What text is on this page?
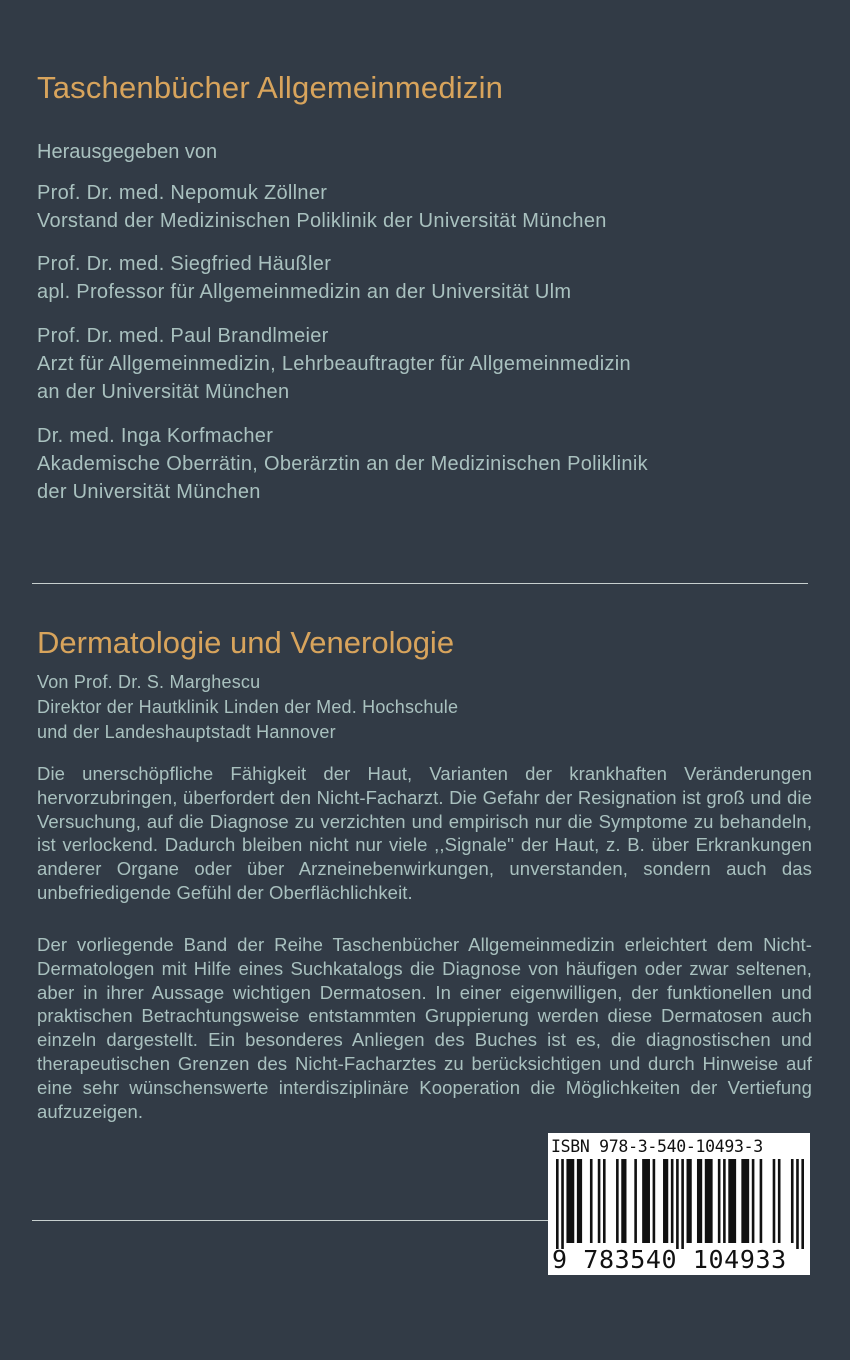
Taschenbücher Allgemeinmedizin
Herausgegeben von
Prof. Dr. med. Nepomuk Zöllner
Vorstand der Medizinischen Poliklinik der Universität München
Prof. Dr. med. Siegfried Häußler
apl. Professor für Allgemeinmedizin an der Universität Ulm
Prof. Dr. med. Paul Brandlmeier
Arzt für Allgemeinmedizin, Lehrbeauftragter für Allgemeinmedizin
an der Universität München
Dr. med. Inga Korfmacher
Akademische Oberrätin, Oberärztin an der Medizinischen Poliklinik
der Universität München
Dermatologie und Venerologie
Von Prof. Dr. S. Marghescu
Direktor der Hautklinik Linden der Med. Hochschule
und der Landeshauptstadt Hannover

Die unerschöpfliche Fähigkeit der Haut, Varianten der krankhaften Veränderungen hervorzubringen, überfordert den Nicht-Facharzt. Die Gefahr der Resignation ist groß und die Versuchung, auf die Diagnose zu verzichten und empirisch nur die Symptome zu behandeln, ist verlockend. Dadurch bleiben nicht nur viele ,,Signale'' der Haut, z. B. über Erkrankungen anderer Organe oder über Arzneinebenwirkungen, unverstanden, sondern auch das unbefriedigende Gefühl der Oberflächlichkeit.

Der vorliegende Band der Reihe Taschenbücher Allgemeinmedizin erleichtert dem Nicht-Dermatologen mit Hilfe eines Suchkatalogs die Diagnose von häufigen oder zwar seltenen, aber in ihrer Aussage wichtigen Dermatosen. In einer eigenwilligen, der funktionellen und praktischen Betrachtungsweise entstammten Gruppierung werden diese Dermatosen auch einzeln dargestellt. Ein besonderes Anliegen des Buches ist es, die diagnostischen und therapeutischen Grenzen des Nicht-Facharztes zu berücksichtigen und durch Hinweise auf eine sehr wünschenswerte interdisziplinäre Kooperation die Möglichkeiten der Vertiefung aufzuzeigen.

ISBN 978-3-540-10493-3
9 783540 104933
